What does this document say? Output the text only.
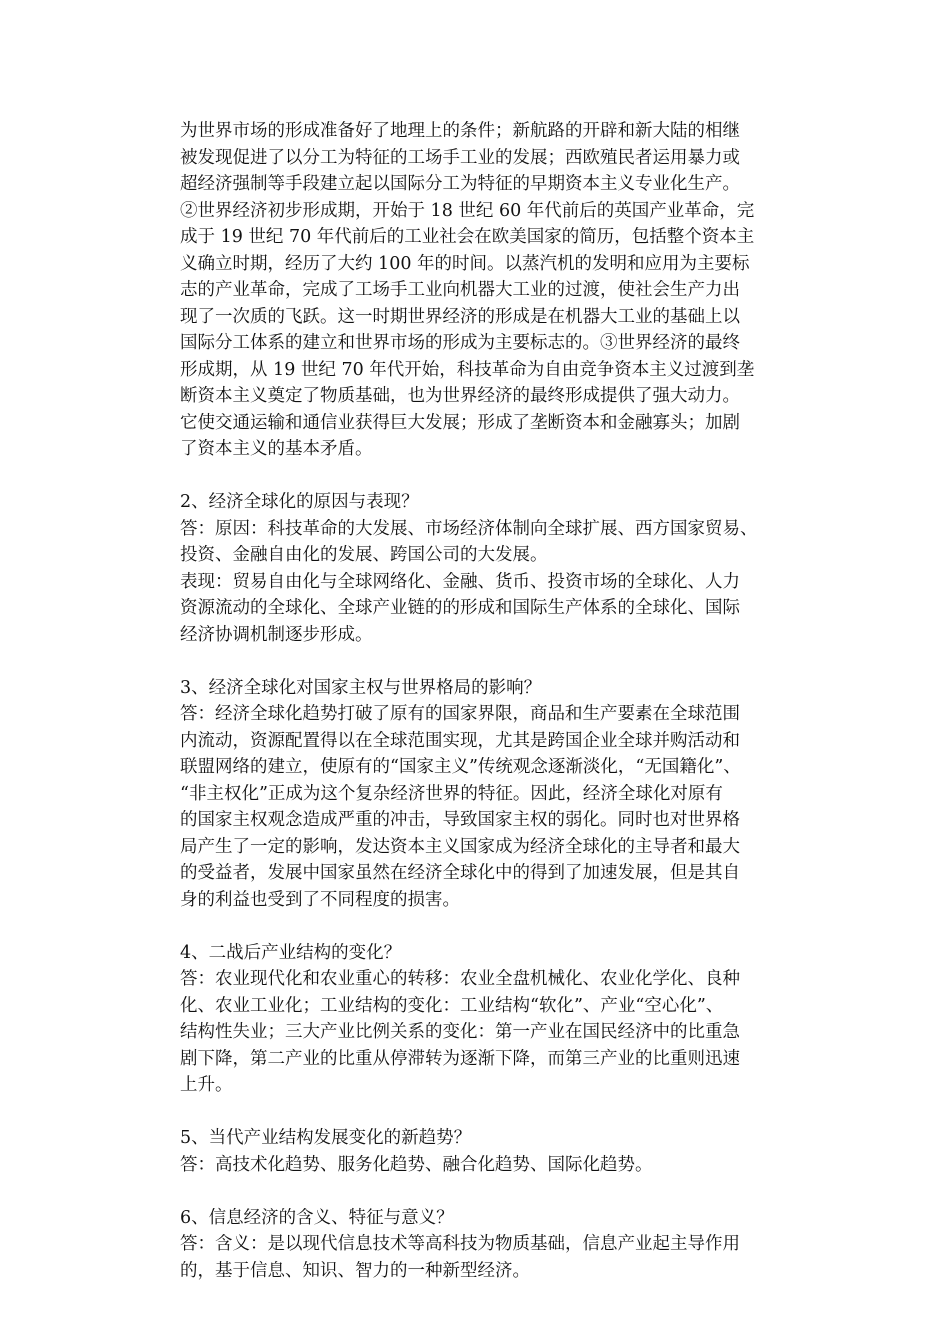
为世界市场的形成准备好了地理上的条件；新航路的开辟和新大陆的相继
被发现促进了以分工为特征的工场手工业的发展；西欧殖民者运用暴力或
超经济强制等手段建立起以国际分工为特征的早期资本主义专业化生产。
②世界经济初步形成期，开始于 18 世纪 60 年代前后的英国产业革命，完
成于 19 世纪 70 年代前后的工业社会在欧美国家的简历，包括整个资本主
义确立时期，经历了大约 100 年的时间。以蒸汽机的发明和应用为主要标
志的产业革命，完成了工场手工业向机器大工业的过渡，使社会生产力出
现了一次质的飞跃。这一时期世界经济的形成是在机器大工业的基础上以
国际分工体系的建立和世界市场的形成为主要标志的。③世界经济的最终
形成期，从 19 世纪 70 年代开始，科技革命为自由竞争资本主义过渡到垄
断资本主义奠定了物质基础，也为世界经济的最终形成提供了强大动力。
它使交通运输和通信业获得巨大发展；形成了垄断资本和金融寡头；加剧
了资本主义的基本矛盾。
2、经济全球化的原因与表现？
答：原因：科技革命的大发展、市场经济体制向全球扩展、西方国家贸易、
投资、金融自由化的发展、跨国公司的大发展。
表现：贸易自由化与全球网络化、金融、货币、投资市场的全球化、人力
资源流动的全球化、全球产业链的的形成和国际生产体系的全球化、国际
经济协调机制逐步形成。
3、经济全球化对国家主权与世界格局的影响？
答：经济全球化趋势打破了原有的国家界限，商品和生产要素在全球范围
内流动，资源配置得以在全球范围实现，尤其是跨国企业全球并购活动和
联盟网络的建立，使原有的“国家主义”传统观念逐渐淡化，“无国籍化”、
“非主权化”正成为这个复杂经济世界的特征。因此，经济全球化对原有
的国家主权观念造成严重的冲击，导致国家主权的弱化。同时也对世界格
局产生了一定的影响，发达资本主义国家成为经济全球化的主导者和最大
的受益者，发展中国家虽然在经济全球化中的得到了加速发展，但是其自
身的利益也受到了不同程度的损害。
4、二战后产业结构的变化？
答：农业现代化和农业重心的转移：农业全盘机械化、农业化学化、良种
化、农业工业化；工业结构的变化：工业结构“软化”、产业“空心化”、
结构性失业；三大产业比例关系的变化：第一产业在国民经济中的比重急
剧下降，第二产业的比重从停滞转为逐渐下降，而第三产业的比重则迅速
上升。
5、当代产业结构发展变化的新趋势？
答：高技术化趋势、服务化趋势、融合化趋势、国际化趋势。
6、信息经济的含义、特征与意义？
答：含义：是以现代信息技术等高科技为物质基础，信息产业起主导作用
的，基于信息、知识、智力的一种新型经济。
